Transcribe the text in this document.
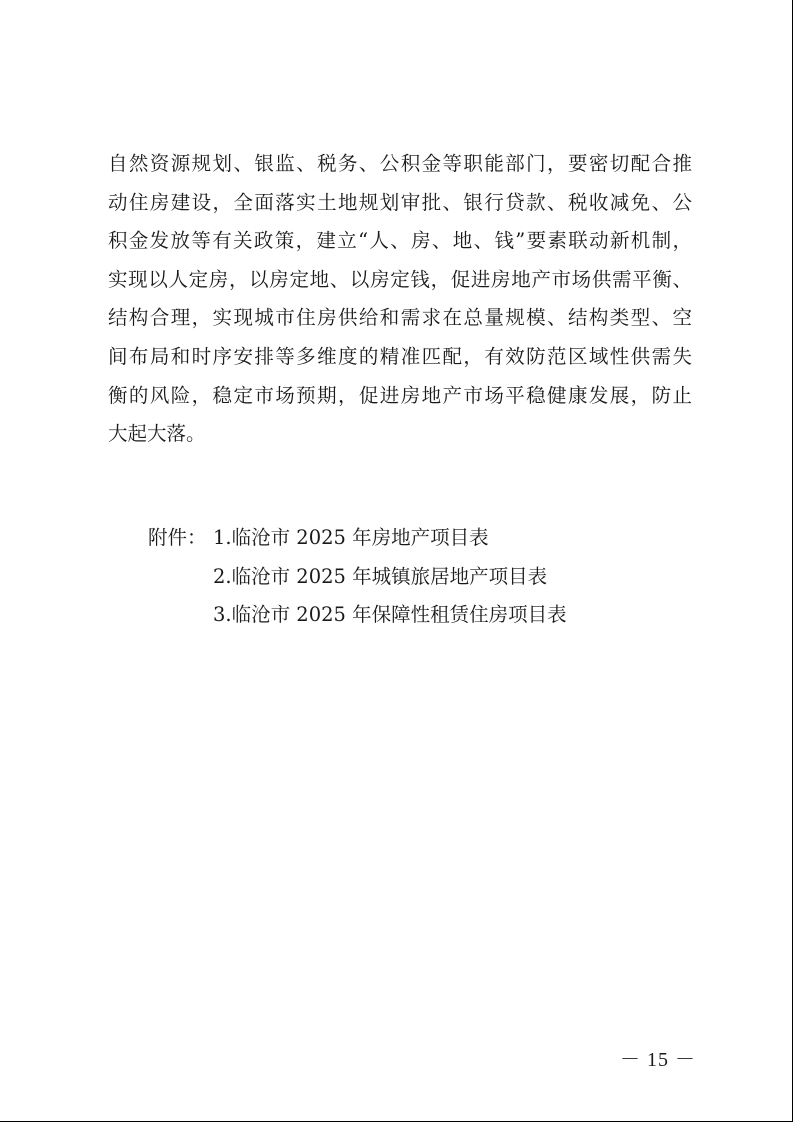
自然资源规划、银监、税务、公积金等职能部门，要密切配合推
动住房建设，全面落实土地规划审批、银行贷款、税收减免、公
积金发放等有关政策，建立“人、房、地、钱”要素联动新机制，
实现以人定房，以房定地、以房定钱，促进房地产市场供需平衡、
结构合理，实现城市住房供给和需求在总量规模、结构类型、空
间布局和时序安排等多维度的精准匹配，有效防范区域性供需失
衡的风险，稳定市场预期，促进房地产市场平稳健康发展，防止
大起大落。
附件： 1.临沧市 2025 年房地产项目表
2.临沧市 2025 年城镇旅居地产项目表
3.临沧市 2025 年保障性租赁住房项目表
－ 15 －
